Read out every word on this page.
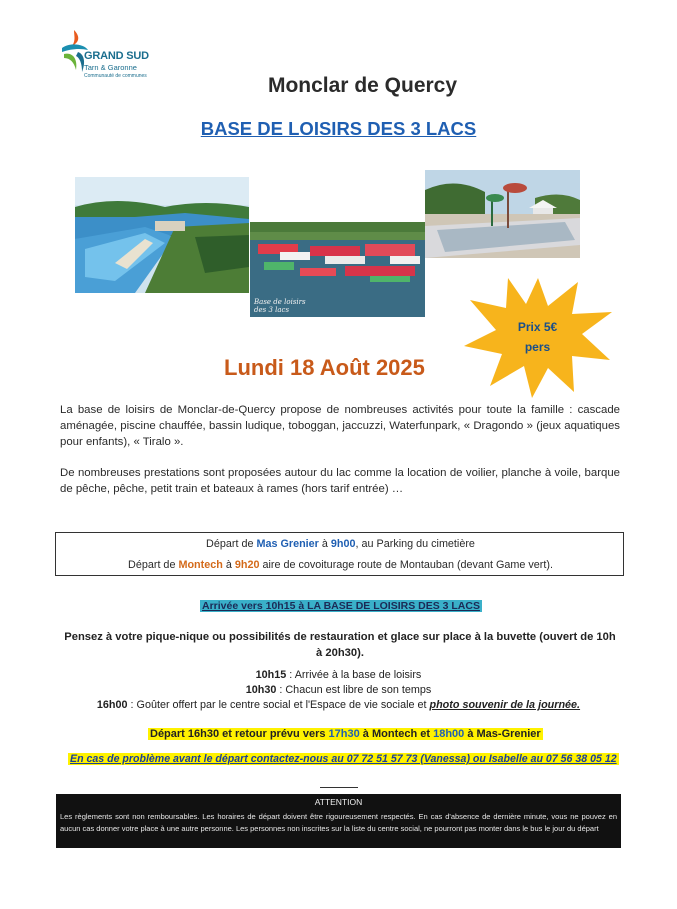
GRAND SUD
Tarn & Garonne
Communauté de communes	Monclar de Quercy
BASE DE LOISIRS DES 3 LACS
Base de loisirs des 3 lacs
Prix 5€
pers
Lundi 18 Août 2025
La base de loisirs de Monclar-de-Quercy propose de nombreuses activités pour toute la famille : cascade aménagée, piscine chauffée, bassin ludique, toboggan, jaccuzzi, Waterfunpark, « Dragondo » (jeux aquatiques pour enfants), « Tiralo ».
De nombreuses prestations sont proposées autour du lac comme la location de voilier, planche à voile, barque de pêche, pêche, petit train et bateaux à rames (hors tarif entrée) …
Départ de Mas Grenier à 9h00, au Parking du cimetière
Départ de Montech à 9h20 aire de covoiturage route de Montauban (devant Game vert).
Arrivée vers 10h15 à LA BASE DE LOISIRS DES 3 LACS
Pensez à votre pique-nique ou possibilités de restauration et glace sur place à la buvette (ouvert de 10h à 20h30).
10h15 : Arrivée à la base de loisirs
10h30 : Chacun est libre de son temps
16h00 : Goûter offert par le centre social et l'Espace de vie sociale et photo souvenir de la journée.
Départ 16h30 et retour prévu vers 17h30 à Montech et 18h00 à Mas-Grenier
En cas de problème avant le départ contactez-nous au 07 72 51 57 73 (Vanessa) ou Isabelle au 07 56 38 05 12
ATTENTION
Les règlements sont non remboursables. Les horaires de départ doivent être rigoureusement respectés. En cas d'absence de dernière minute, vous ne pouvez en aucun cas donner votre place à une autre personne. Les personnes non inscrites sur la liste du centre social, ne pourront pas monter dans le bus le jour du départ
